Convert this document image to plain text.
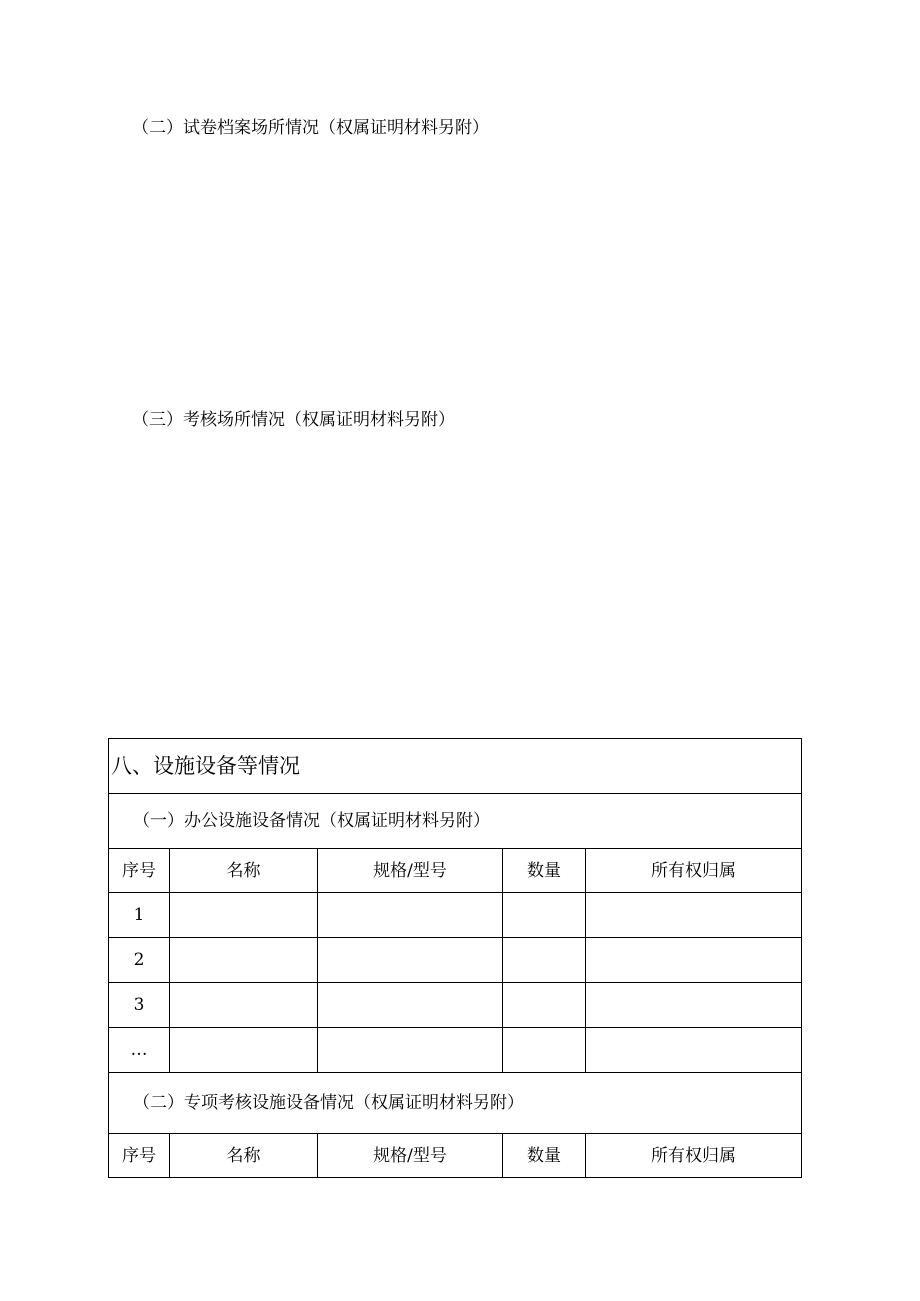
（二）试卷档案场所情况（权属证明材料另附）
（三）考核场所情况（权属证明材料另附）
八、设施设备等情况				
（一）办公设施设备情况（权属证明材料另附）				
序号	名称	规格/型号	数量	所有权归属
1				
2				
3				
…				
（二）专项考核设施设备情况（权属证明材料另附）				
序号	名称	规格/型号	数量	所有权归属
